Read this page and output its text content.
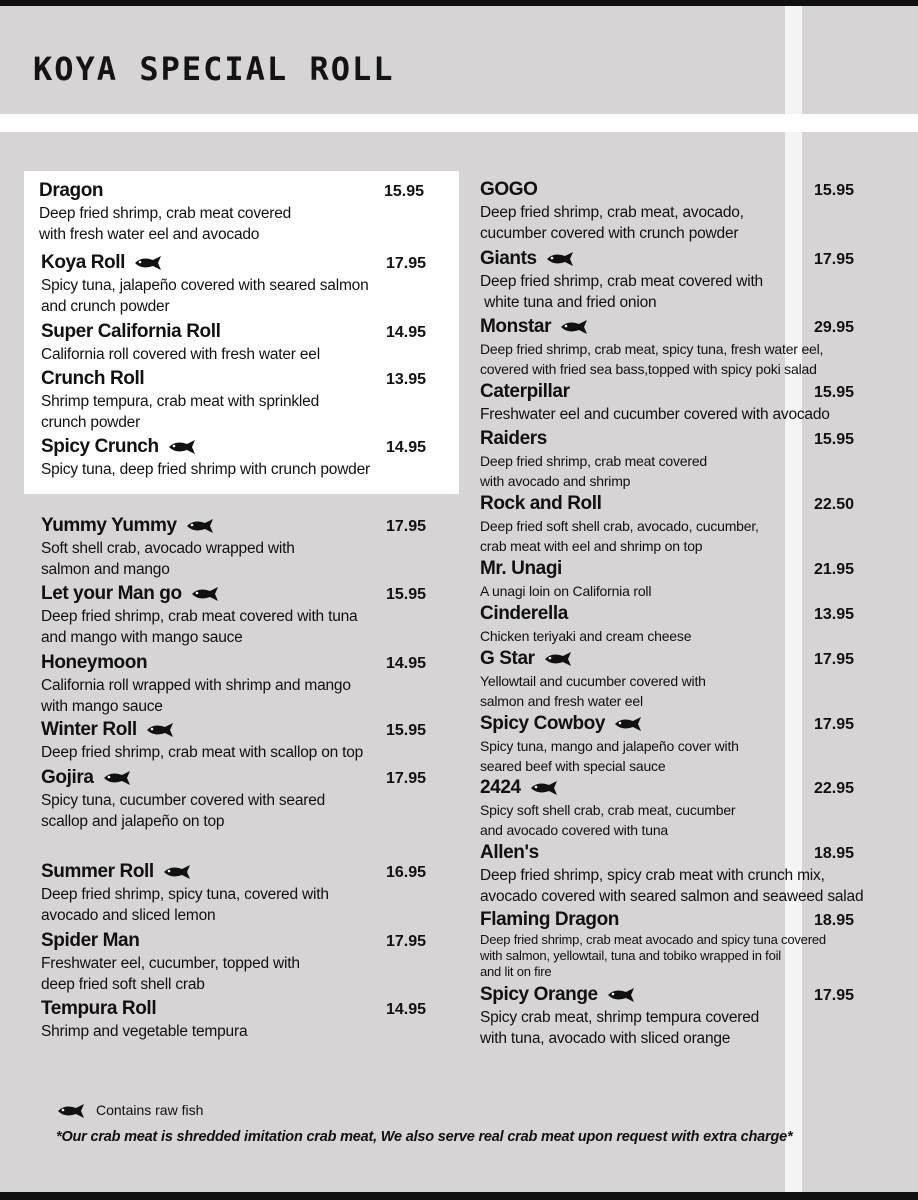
KOYA SPECIAL ROLL
Dragon	15.95
Deep fried shrimp, crab meat covered
with fresh water eel and avocado
Koya Roll	17.95
Spicy tuna, jalapeño covered with seared salmon
and crunch powder
Super California Roll	14.95
California roll covered with fresh water eel
Crunch Roll	13.95
Shrimp tempura, crab meat with sprinkled
crunch powder
Spicy Crunch	14.95
Spicy tuna, deep fried shrimp with crunch powder
Yummy Yummy	17.95
Soft shell crab, avocado wrapped with
salmon and mango
Let your Man go	15.95
Deep fried shrimp, crab meat covered with tuna
and mango with mango sauce
Honeymoon	14.95
California roll wrapped with shrimp and mango
with mango sauce
Winter Roll	15.95
Deep fried shrimp, crab meat with scallop on top
Gojira	17.95
Spicy tuna, cucumber covered with seared
scallop and jalapeño on top
Summer Roll	16.95
Deep fried shrimp, spicy tuna, covered with
avocado and sliced lemon
Spider Man	17.95
Freshwater eel, cucumber, topped with
deep fried soft shell crab
Tempura Roll	14.95
Shrimp and vegetable tempura
GOGO	15.95
Deep fried shrimp, crab meat, avocado,
cucumber covered with crunch powder
Giants	17.95
Deep fried shrimp, crab meat covered with
white tuna and fried onion
Monstar	29.95
Deep fried shrimp, crab meat, spicy tuna, fresh water eel,
covered with fried sea bass,topped with spicy poki salad
Caterpillar	15.95
Freshwater eel and cucumber covered with avocado
Raiders	15.95
Deep fried shrimp, crab meat covered
with avocado and shrimp
Rock and Roll	22.50
Deep fried soft shell crab, avocado, cucumber,
crab meat with eel and shrimp on top
Mr. Unagi	21.95
A unagi loin on California roll
Cinderella	13.95
Chicken teriyaki and cream cheese
G Star	17.95
Yellowtail and cucumber covered with
salmon and fresh water eel
Spicy Cowboy	17.95
Spicy tuna, mango and jalapeño cover with
seared beef with special sauce
2424	22.95
Spicy soft shell crab, crab meat, cucumber
and avocado covered with tuna
Allen's	18.95
Deep fried shrimp, spicy crab meat with crunch mix,
avocado covered with seared salmon and seaweed salad
Flaming Dragon	18.95
Deep fried shrimp, crab meat avocado and spicy tuna covered
with salmon, yellowtail, tuna and tobiko wrapped in foil
and lit on fire
Spicy Orange	17.95
Spicy crab meat, shrimp tempura covered
with tuna, avocado with sliced orange
Contains raw fish
*Our crab meat is shredded imitation crab meat, We also serve real crab meat upon request with extra charge*
